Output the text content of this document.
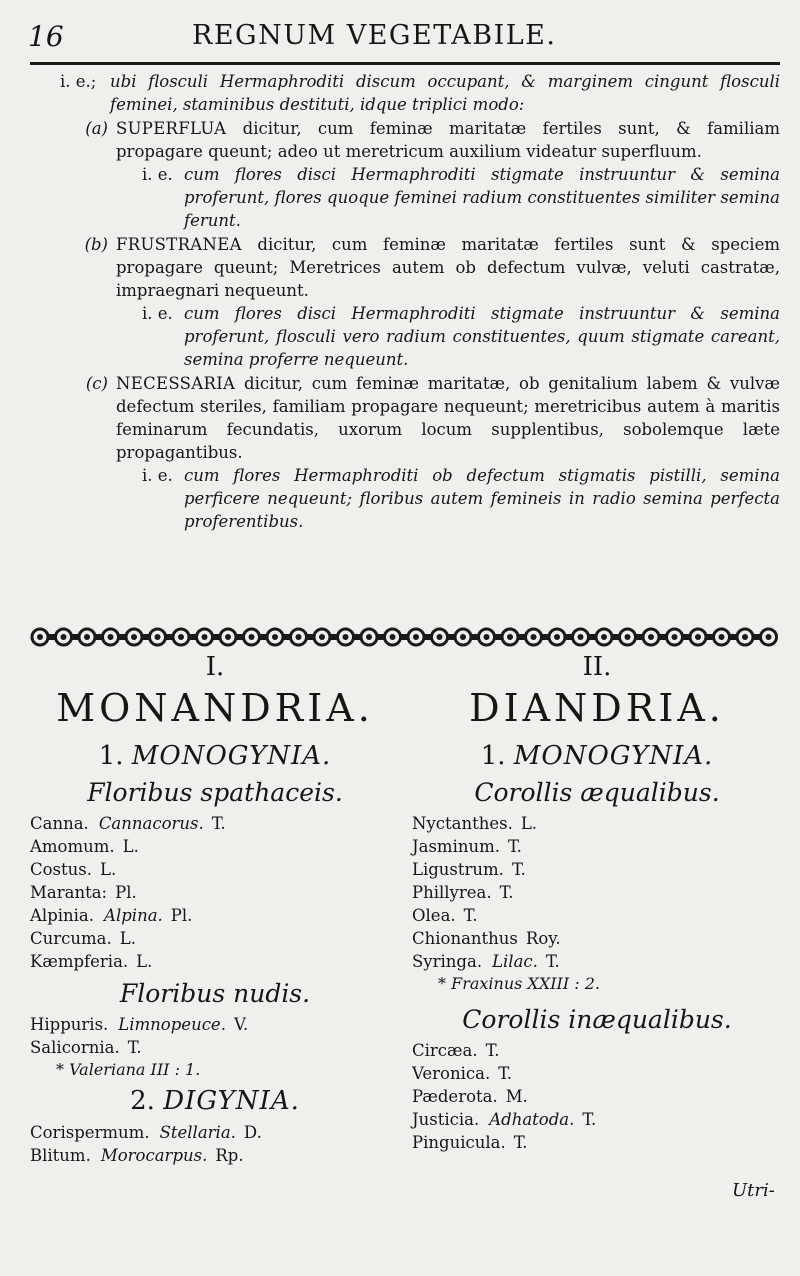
16	REGNUM VEGETABILE.
i. e.; ubi flosculi Hermaphroditi discum occupant, & marginem cingunt flosculi feminei, staminibus destituti, idque triplici modo:
(a) SUPERFLUA dicitur, cum feminæ maritatæ fertiles sunt, & familiam propagare queunt; adeo ut meretricum auxilium videatur superfluum.
i. e. cum flores disci Hermaphroditi stigmate instruuntur & semina proferunt, flores quoque feminei radium constituentes similiter semina ferunt.
(b) FRUSTRANEA dicitur, cum feminæ maritatæ fertiles sunt & speciem propagare queunt; Meretrices autem ob defectum vulvæ, veluti castratæ, impraegnari nequeunt.
i. e. cum flores disci Hermaphroditi stigmate instruuntur & semina proferunt, flosculi vero radium constituentes, quum stigmate careant, semina proferre nequeunt.
(c) NECESSARIA dicitur, cum feminæ maritatæ, ob genitalium labem & vulvæ defectum steriles, familiam propagare nequeunt; meretricibus autem à maritis feminarum fecundatis, uxorum locum supplentibus, sobolemque læte propagantibus.
i. e. cum flores Hermaphroditi ob defectum stigmatis pistilli, semina perficere nequeunt; floribus autem femineis in radio semina perfecta proferentibus.
I.
MONANDRIA.
1. MONOGYNIA.
Floribus spathaceis.
Canna. Cannacorus. T.
Amomum. L.
Costus. L.
Maranta: Pl.
Alpinia. Alpina. Pl.
Curcuma. L.
Kæmpferia. L.
Floribus nudis.
Hippuris. Limnopeuce. V.
Salicornia. T.
* Valeriana III : 1.
2. DIGYNIA.
Corispermum. Stellaria. D.
Blitum. Morocarpus. Rp.
II.
DIANDRIA.
1. MONOGYNIA.
Corollis æqualibus.
Nyctanthes. L.
Jasminum. T.
Ligustrum. T.
Phillyrea. T.
Olea. T.
Chionanthus Roy.
Syringa. Lilac. T.
* Fraxinus XXIII : 2.
Corollis inæqualibus.
Circæa. T.
Veronica. T.
Pæderota. M.
Justicia. Adhatoda. T.
Pinguicula. T.
Utri-
